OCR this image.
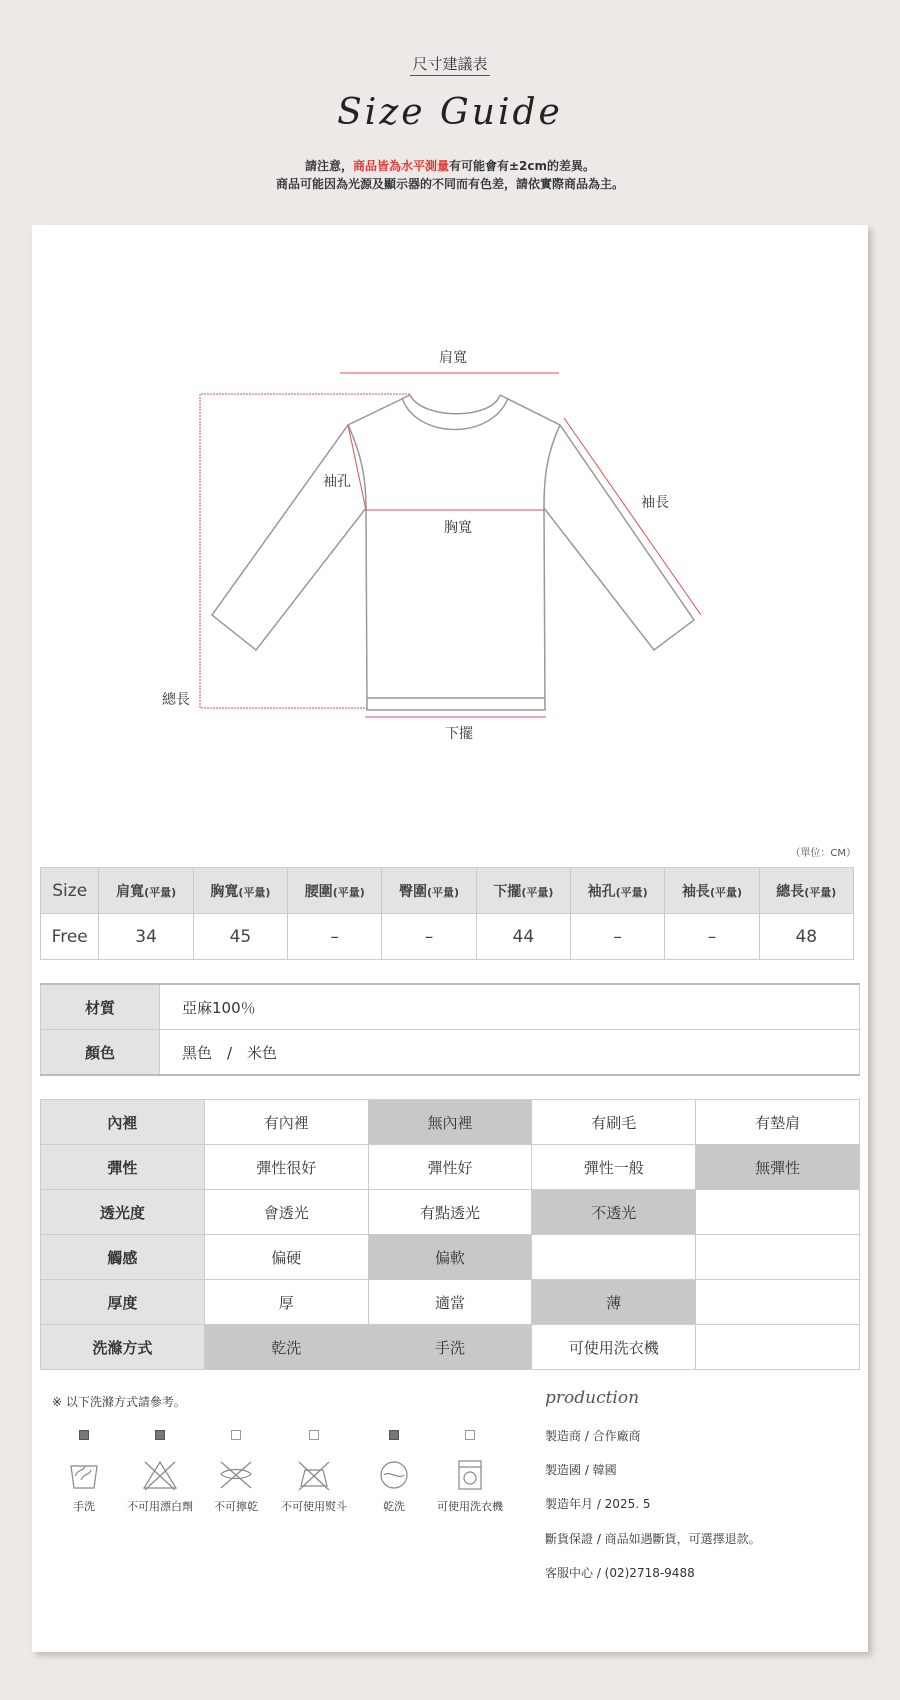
尺寸建議表
Size Guide
請注意，商品皆為水平測量有可能會有±2cm的差異。
商品可能因為光源及顯示器的不同而有色差，請依實際商品為主。
肩寬
袖孔
袖長
胸寬
總長
下擺
（單位：CM）
Size	肩寬(平量)	胸寬(平量)	腰圍(平量)	臀圍(平量)	下擺(平量)	袖孔(平量)	袖長(平量)	總長(平量)
Free	34	45	–	–	44	–	–	48
材質	亞麻100％
顏色	黑色　/　米色
內裡	有內裡	無內裡	有刷毛	有墊肩
彈性	彈性很好	彈性好	彈性一般	無彈性
透光度	會透光	有點透光	不透光	
觸感	偏硬	偏軟		
厚度	厚	適當	薄	
洗滌方式	乾洗	手洗	可使用洗衣機	
※ 以下洗滌方式請參考。
手洗	不可用漂白劑	不可擰乾	不可使用熨斗	乾洗	可使用洗衣機
production
製造商 / 合作廠商
製造國 / 韓國
製造年月 / 2025. 5
斷貨保證 / 商品如遇斷貨，可選擇退款。
客服中心 / (02)2718-9488
